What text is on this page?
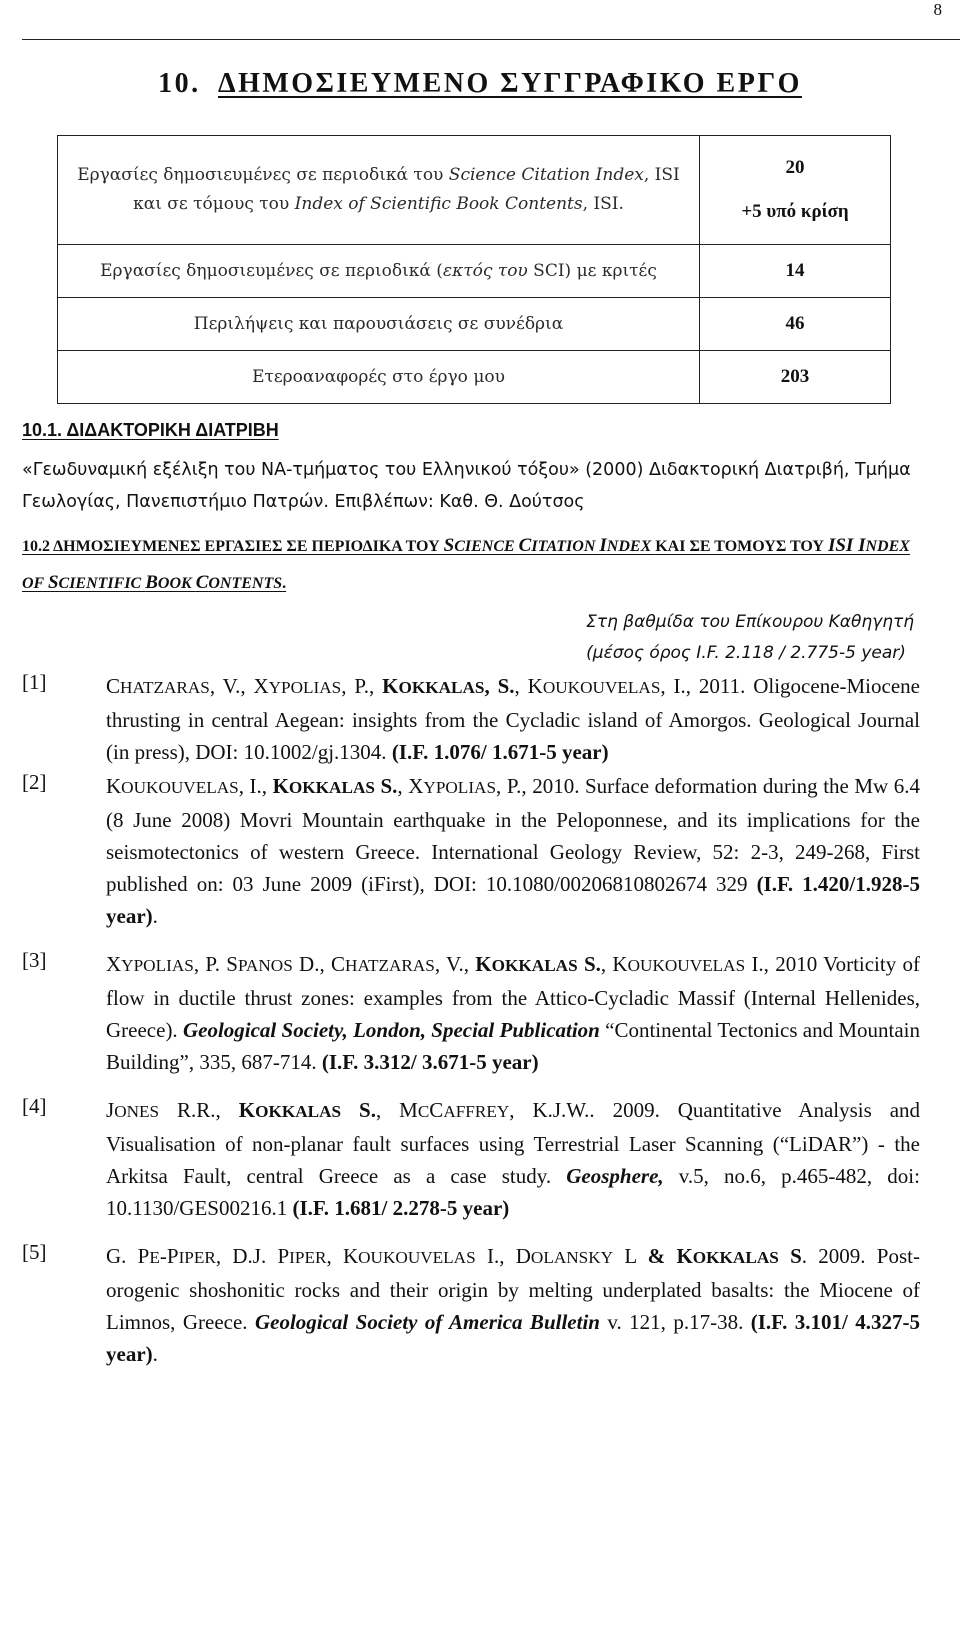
8
10. ΔΗΜΟΣΙΕΥΜΕΝΟ ΣΥΓΓΡΑΦΙΚΟ ΕΡΓΟ
Εργασίες δημοσιευμένες σε περιοδικά του Science Citation Index, ISI
και σε τόμους του Index of Scientific Book Contents, ISI.	20
+5 υπό κρίση

Εργασίες δημοσιευμένες σε περιοδικά (εκτός του SCI) με κριτές	14
Περιλήψεις και παρουσιάσεις σε συνέδρια	46
Ετεροαναφορές στο έργο μου	203
10.1. ΔΙΔΑΚΤΟΡΙΚΗ ΔΙΑΤΡΙΒΗ
«Γεωδυναμική εξέλιξη του ΝΑ-τμήματος του Ελληνικού τόξου» (2000) Διδακτορική Διατριβή, Τμήμα Γεωλογίας, Πανεπιστήμιο Πατρών. Επιβλέπων: Καθ. Θ. Δούτσος
10.2 ΔΗΜΟΣΙΕΥΜΕΝΕΣ ΕΡΓΑΣΙΕΣ ΣΕ ΠΕΡΙΟΔΙΚΑ ΤΟΥ SCIENCE CITATION INDEX ΚΑΙ ΣΕ ΤΟΜΟΥΣ ΤΟΥ ISI INDEX OF SCIENTIFIC BOOK CONTENTS.
Στη βαθμίδα του Επίκουρου Καθηγητή
(μέσος όρος I.F. 2.118 / 2.775-5 year)
[1]	CHATZARAS, V., XYPOLIAS, P., KOKKALAS, S., KOUKOUVELAS, I., 2011. Oligocene-Miocene thrusting in central Aegean: insights from the Cycladic island of Amorgos. Geological Journal (in press), DOI: 10.1002/gj.1304. (I.F. 1.076/ 1.671-5 year)
[2]	KOUKOUVELAS, I., KOKKALAS S., XYPOLIAS, P., 2010. Surface deformation during the Mw 6.4 (8 June 2008) Movri Mountain earthquake in the Peloponnese, and its implications for the seismotectonics of western Greece. International Geology Review, 52: 2-3, 249-268, First published on: 03 June 2009 (iFirst), DOI: 10.1080/00206810802674 329 (I.F. 1.420/1.928-5 year).
[3]	XYPOLIAS, P. SPANOS D., CHATZARAS, V., KOKKALAS S., KOUKOUVELAS I., 2010 Vorticity of flow in ductile thrust zones: examples from the Attico-Cycladic Massif (Internal Hellenides, Greece). Geological Society, London, Special Publication “Continental Tectonics and Mountain Building”, 335, 687-714. (I.F. 3.312/ 3.671-5 year)
[4]	JONES R.R., KOKKALAS S., MCCAFFREY, K.J.W.. 2009. Quantitative Analysis and Visualisation of non-planar fault surfaces using Terrestrial Laser Scanning (“LiDAR”) - the Arkitsa Fault, central Greece as a case study. Geosphere, v.5, no.6, p.465-482, doi: 10.1130/GES00216.1 (I.F. 1.681/ 2.278-5 year)
[5]	G. PE-PIPER, D.J. PIPER, KOUKOUVELAS I., DOLANSKY L & KOKKALAS S. 2009. Post-orogenic shoshonitic rocks and their origin by melting underplated basalts: the Miocene of Limnos, Greece. Geological Society of America Bulletin v. 121, p.17-38. (I.F. 3.101/ 4.327-5 year).
